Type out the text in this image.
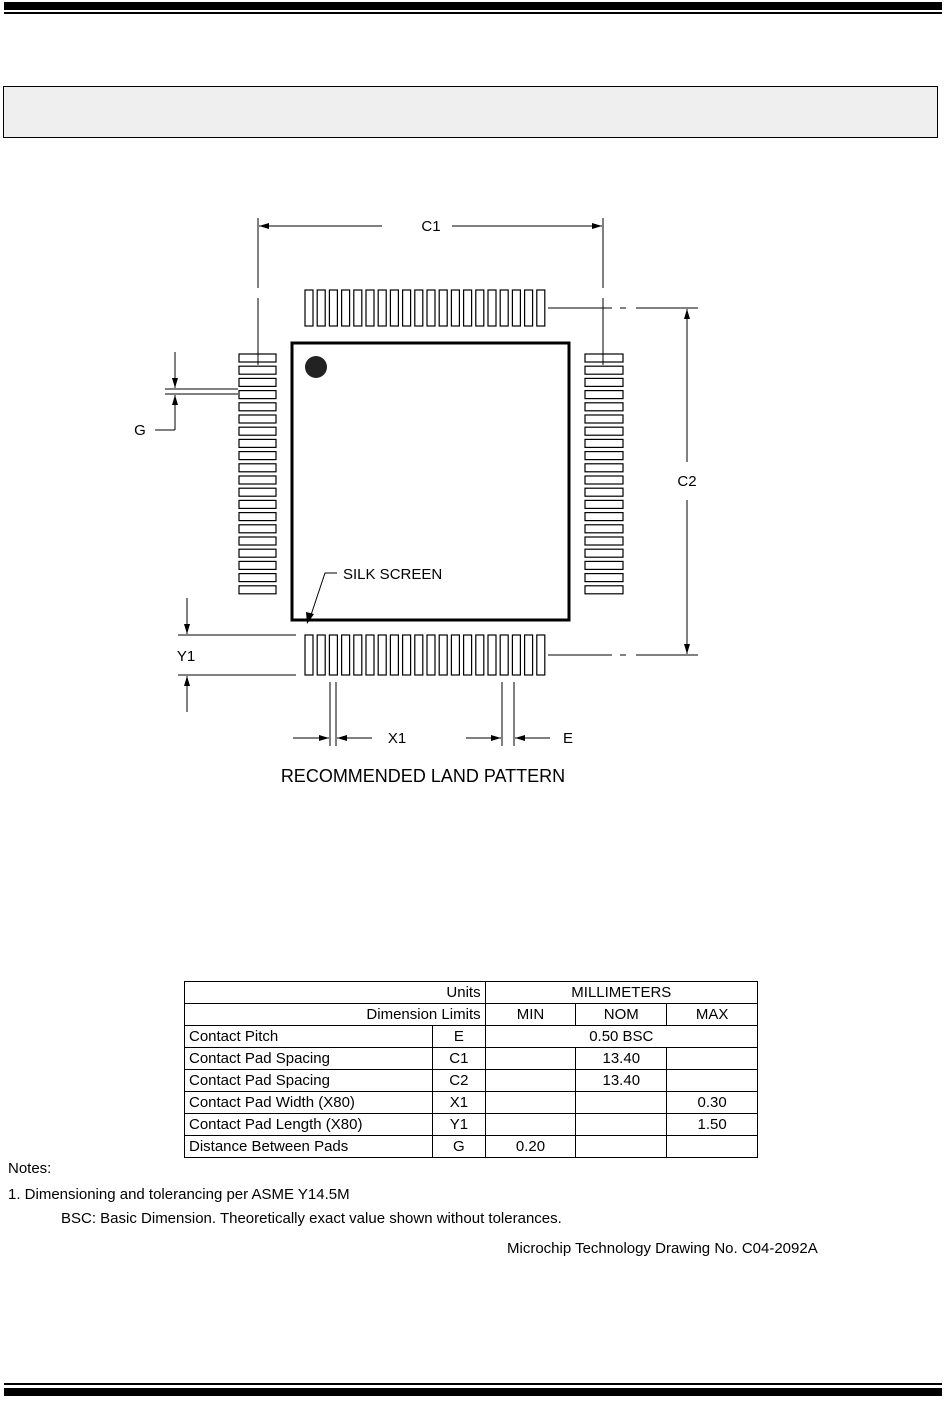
C1
C2
G
Y1
X1	E
SILK SCREEN
RECOMMENDED LAND PATTERN
Units		MILLIMETERS		
Dimension Limits		MIN	NOM	MAX
Contact Pitch	E	0.50 BSC		
Contact Pad Spacing	C1		13.40	
Contact Pad Spacing	C2		13.40	
Contact Pad Width (X80)	X1			0.30
Contact Pad Length (X80)	Y1			1.50
Distance Between Pads	G	0.20		
Notes:
1. Dimensioning and tolerancing per ASME Y14.5M
BSC: Basic Dimension. Theoretically exact value shown without tolerances.
Microchip Technology Drawing No. C04-2092A
